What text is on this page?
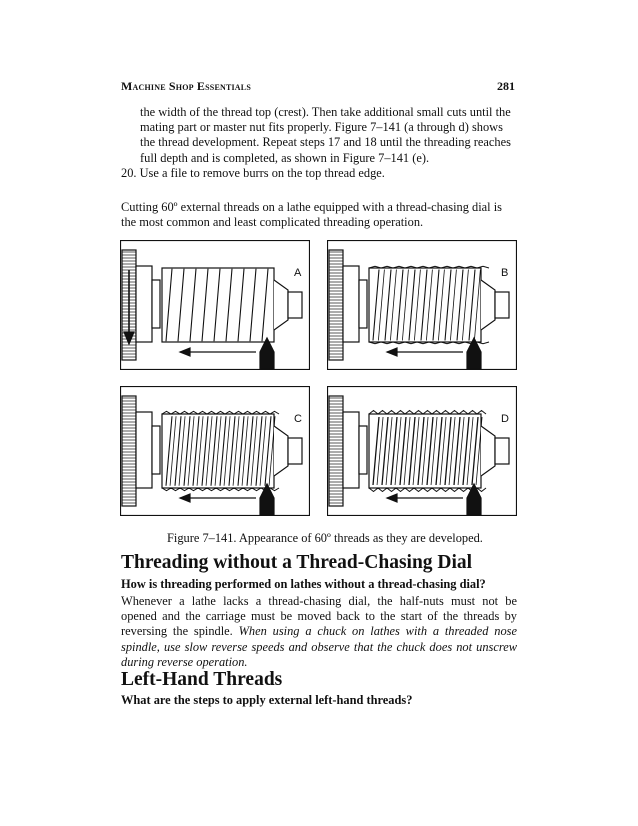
Machine Shop Essentials	281
the width of the thread top (crest). Then take additional small cuts until the
mating part or master nut fits properly. Figure 7–141 (a through d) shows
the thread development. Repeat steps 17 and 18 until the threading reaches
full depth and is completed, as shown in Figure 7–141 (e).
20. Use a file to remove burrs on the top thread edge.
Cutting 60º external threads on a lathe equipped with a thread-chasing dial is
the most common and least complicated threading operation.
A	B
C	D
Figure 7–141. Appearance of 60º threads as they are developed.
Threading without a Thread-Chasing Dial
How is threading performed on lathes without a thread-chasing dial?
Whenever a lathe lacks a thread-chasing dial, the half-nuts must not be
opened and the carriage must be moved back to the start of the threads by
reversing the spindle. When using a chuck on lathes with a threaded nose
spindle, use slow reverse speeds and observe that the chuck does not unscrew
during reverse operation.
Left-Hand Threads
What are the steps to apply external left-hand threads?
